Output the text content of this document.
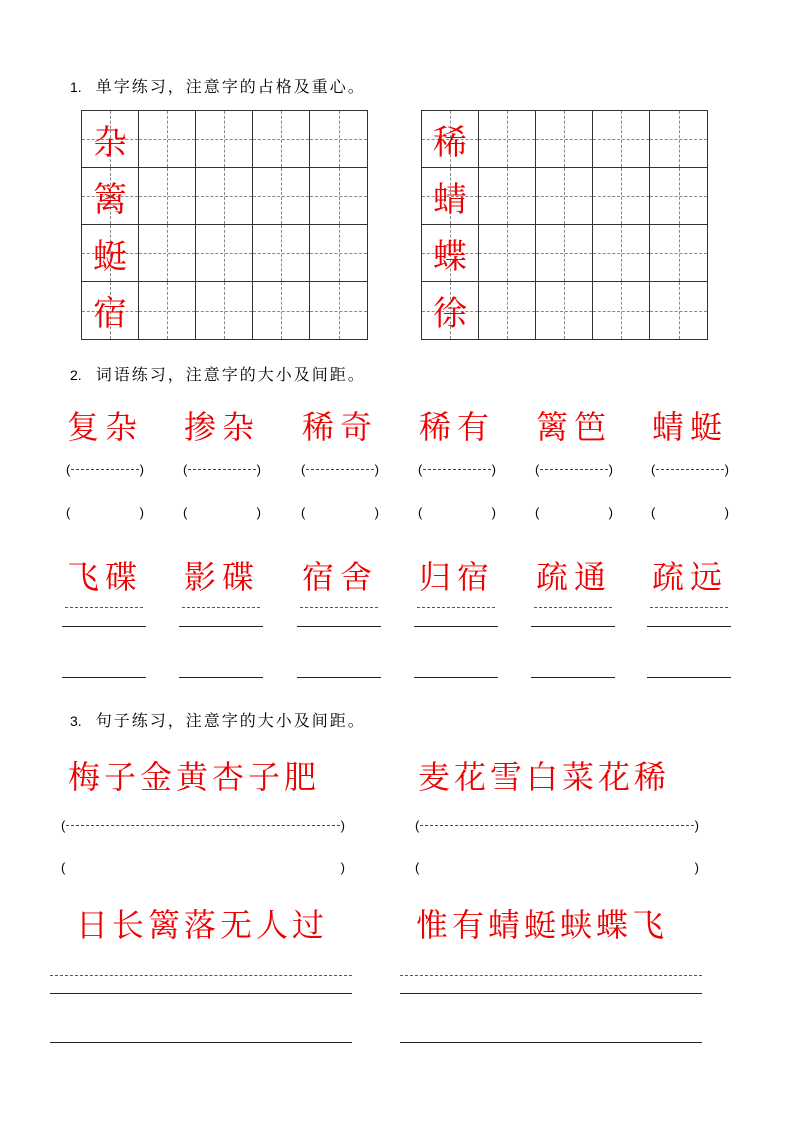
1. 单字练习，注意字的占格及重心。
杂
篱
蜓
宿
稀
蜻
蝶
徐
2. 词语练习，注意字的大小及间距。
复杂
(	)
(	)
飞碟
掺杂
(	)
(	)
影碟
稀奇
(	)
(	)
宿舍
稀有
(	)
(	)
归宿
篱笆
(	)
(	)
疏通
蜻蜓
(	)
(	)
疏远
3. 句子练习，注意字的大小及间距。
梅子金黄杏子肥	麦花雪白菜花稀
(	)	(	)
(	)	(	)
日长篱落无人过	惟有蜻蜓蛱蝶飞
